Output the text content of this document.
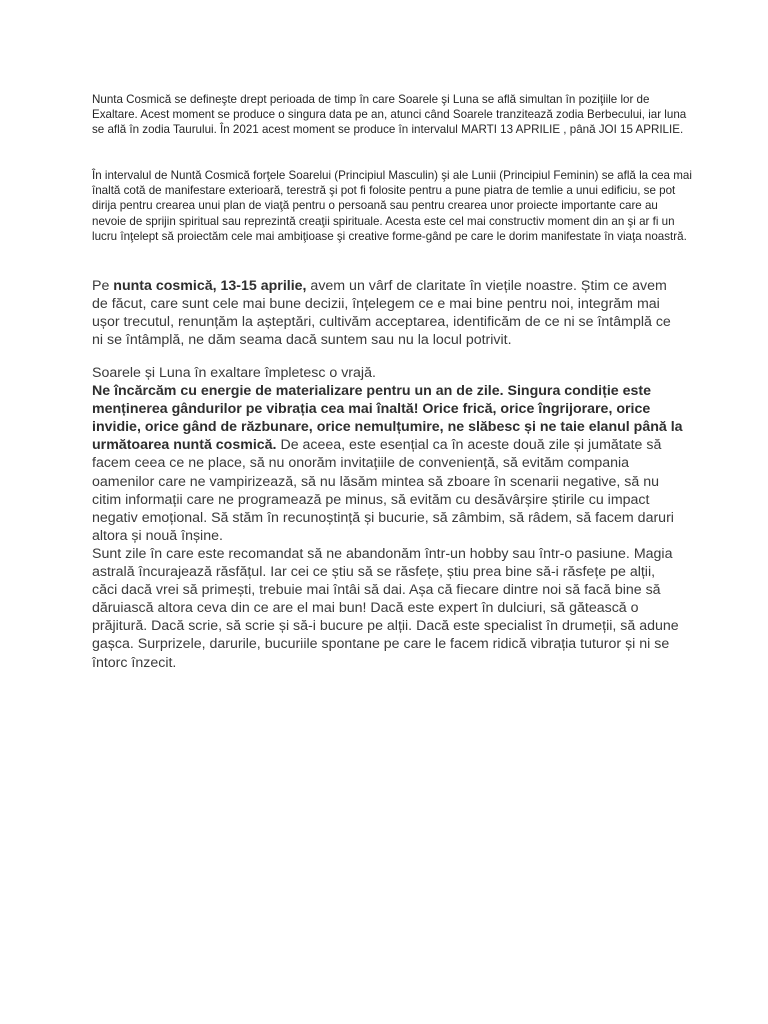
Nunta Cosmică se defineşte drept perioada de timp în care Soarele şi Luna se află simultan în poziţiile lor de Exaltare. Acest moment se produce o singura data pe an, atunci când Soarele tranzitează zodia Berbecului, iar luna se află în zodia Taurului. În 2021 acest moment se produce în intervalul MARTI 13 APRILIE , până JOI 15 APRILIE.

În intervalul de Nuntă Cosmică forţele Soarelui (Principiul Masculin) şi ale Lunii (Principiul Feminin) se află la cea mai înaltă cotă de manifestare exterioară, terestră şi pot fi folosite pentru a pune piatra de temlie a unui edificiu, se pot dirija pentru crearea unui plan de viaţă pentru o persoană sau pentru crearea unor proiecte importante care au nevoie de sprijin spiritual sau reprezintă creaţii spirituale. Acesta este cel mai constructiv moment din an şi ar fi un lucru înţelept să proiectăm cele mai ambiţioase şi creative forme-gând pe care le dorim manifestate în viaţa noastră.

Pe nunta cosmică, 13-15 aprilie, avem un vârf de claritate în viețile noastre. Știm ce avem de făcut, care sunt cele mai bune decizii, înțelegem ce e mai bine pentru noi, integrăm mai ușor trecutul, renunțăm la așteptări, cultivăm acceptarea, identificăm de ce ni se întâmplă ce ni se întâmplă, ne dăm seama dacă suntem sau nu la locul potrivit.

Soarele și Luna în exaltare împletesc o vrajă.
Ne încărcăm cu energie de materializare pentru un an de zile. Singura condiție este menținerea gândurilor pe vibrația cea mai înaltă! Orice frică, orice îngrijorare, orice invidie, orice gând de răzbunare, orice nemulțumire, ne slăbesc și ne taie elanul până la următoarea nuntă cosmică. De aceea, este esențial ca în aceste două zile și jumătate să facem ceea ce ne place, să nu onorăm invitațiile de conveniență, să evităm compania oamenilor care ne vampirizează, să nu lăsăm mintea să zboare în scenarii negative, să nu citim informații care ne programează pe minus, să evităm cu desăvârșire știrile cu impact negativ emoțional. Să stăm în recunoștință și bucurie, să zâmbim, să râdem, să facem daruri altora și nouă înșine.
Sunt zile în care este recomandat să ne abandonăm într-un hobby sau într-o pasiune. Magia astrală încurajează răsfățul. Iar cei ce știu să se răsfețe, știu prea bine să-i răsfețe pe alții, căci dacă vrei să primești, trebuie mai întâi să dai. Așa că fiecare dintre noi să facă bine să dăruiască altora ceva din ce are el mai bun! Dacă este expert în dulciuri, să gătească o prăjitură. Dacă scrie, să scrie și să-i bucure pe alții. Dacă este specialist în drumeții, să adune gașca. Surprizele, darurile, bucuriile spontane pe care le facem ridică vibrația tuturor și ni se întorc înzecit.
